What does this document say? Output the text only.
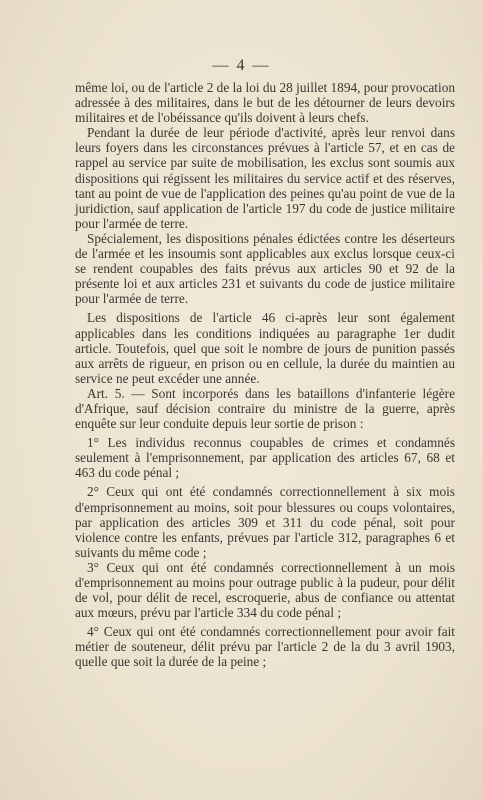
— 4 —

même loi, ou de l'article 2 de la loi du 28 juillet 1894, pour provocation adressée à des militaires, dans le but de les détourner de leurs devoirs militaires et de l'obéissance qu'ils doivent à leurs chefs.

Pendant la durée de leur période d'activité, après leur renvoi dans leurs foyers dans les circonstances prévues à l'article 57, et en cas de rappel au service par suite de mobilisation, les exclus sont soumis aux dispositions qui régissent les militaires du service actif et des réserves, tant au point de vue de l'application des peines qu'au point de vue de la juridiction, sauf application de l'article 197 du code de justice militaire pour l'armée de terre.

Spécialement, les dispositions pénales édictées contre les déserteurs de l'armée et les insoumis sont applicables aux exclus lorsque ceux-ci se rendent coupables des faits prévus aux articles 90 et 92 de la présente loi et aux articles 231 et suivants du code de justice militaire pour l'armée de terre.

Les dispositions de l'article 46 ci-après leur sont également applicables dans les conditions indiquées au paragraphe 1er dudit article. Toutefois, quel que soit le nombre de jours de punition passés aux arrêts de rigueur, en prison ou en cellule, la durée du maintien au service ne peut excéder une année.

Art. 5. — Sont incorporés dans les bataillons d'infanterie légère d'Afrique, sauf décision contraire du ministre de la guerre, après enquête sur leur conduite depuis leur sortie de prison :

1° Les individus reconnus coupables de crimes et condamnés seulement à l'emprisonnement, par application des articles 67, 68 et 463 du code pénal ;

2° Ceux qui ont été condamnés correctionnellement à six mois d'emprisonnement au moins, soit pour blessures ou coups volontaires, par application des articles 309 et 311 du code pénal, soit pour violence contre les enfants, prévues par l'article 312, paragraphes 6 et suivants du même code ;

3° Ceux qui ont été condamnés correctionnellement à un mois d'emprisonnement au moins pour outrage public à la pudeur, pour délit de vol, pour délit de recel, escroquerie, abus de confiance ou attentat aux mœurs, prévu par l'article 334 du code pénal ;

4° Ceux qui ont été condamnés correctionnellement pour avoir fait métier de souteneur, délit prévu par l'article 2 de la du 3 avril 1903, quelle que soit la durée de la peine ;
